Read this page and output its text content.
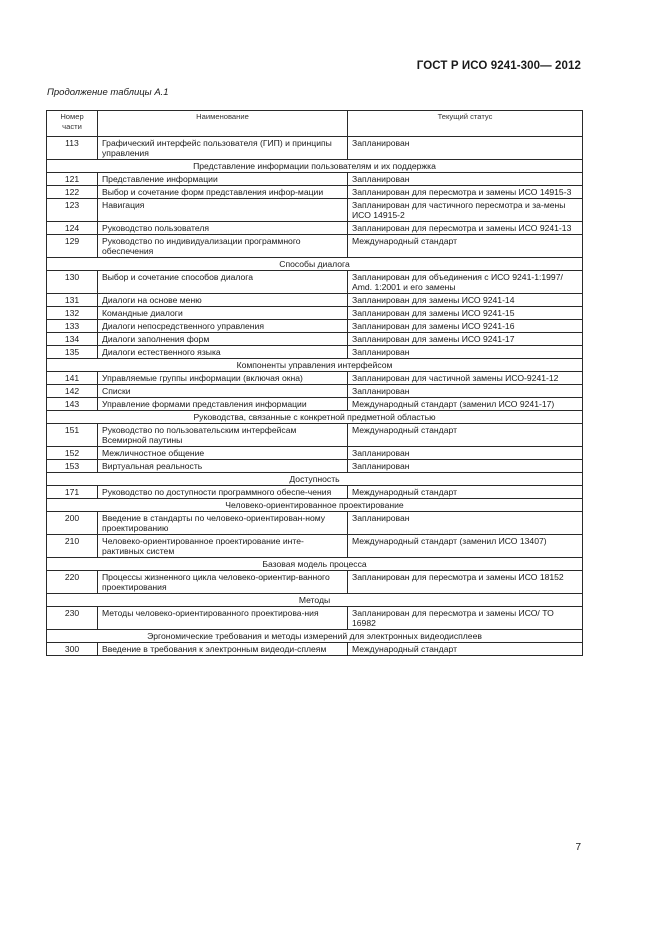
ГОСТ Р ИСО 9241-300— 2012
Продолжение таблицы А.1
Номер части	Наименование	Текущий статус
113	Графический интерфейс пользователя (ГИП) и принципы управления	Запланирован
Представление информации пользователям и их поддержка		
121	Представление информации	Запланирован
122	Выбор и сочетание форм представления инфор-мации	Запланирован для пересмотра и замены ИСО 14915-3
123	Навигация	Запланирован для частичного пересмотра и за-мены ИСО 14915-2
124	Руководство пользователя	Запланирован для пересмотра и замены ИСО 9241-13
129	Руководство по индивидуализации программного обеспечения	Международный стандарт
Способы диалога		
130	Выбор и сочетание способов диалога	Запланирован для объединения с ИСО 9241-1:1997/ Amd. 1:2001 и его замены
131	Диалоги на основе меню	Запланирован для замены ИСО 9241-14
132	Командные диалоги	Запланирован для замены ИСО 9241-15
133	Диалоги непосредственного управления	Запланирован для замены ИСО 9241-16
134	Диалоги заполнения форм	Запланирован для замены ИСО 9241-17
135	Диалоги естественного языка	Запланирован
Компоненты управления интерфейсом		
141	Управляемые группы информации (включая окна)	Запланирован для частичной замены ИСО-9241-12
142	Списки	Запланирован
143	Управление формами представления информации	Международный стандарт (заменил ИСО 9241-17)
Руководства, связанные с конкретной предметной областью		
151	Руководство по пользовательским интерфейсам Всемирной паутины	Международный стандарт
152	Межличностное общение	Запланирован
153	Виртуальная реальность	Запланирован
Доступность		
171	Руководство по доступности программного обеспе-чения	Международный стандарт
Человеко-ориентированное проектирование		
200	Введение в стандарты по человеко-ориентирован-ному проектированию	Запланирован
210	Человеко-ориентированное проектирование инте-рактивных систем	Международный стандарт (заменил ИСО 13407)
Базовая модель процесса		
220	Процессы жизненного цикла человеко-ориентир-ванного проектирования	Запланирован для пересмотра и замены ИСО 18152
Методы		
230	Методы человеко-ориентированного проектирова-ния	Запланирован для пересмотра и замены ИСО/ ТО 16982
Эргономические требования и методы измерений для электронных видеодисплеев		
300	Введение в требования к электронным видеоди-сплеям	Международный стандарт
7
